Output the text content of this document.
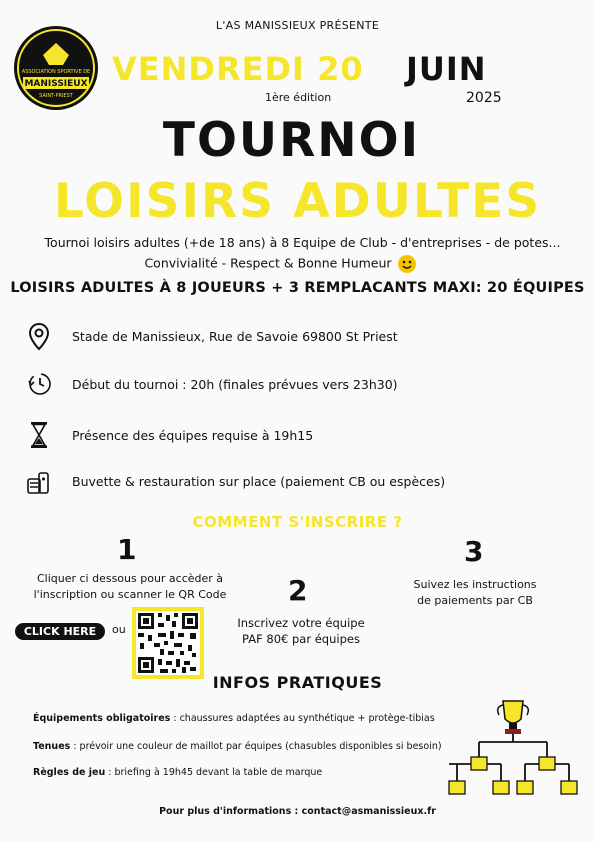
MANISSIEUX
ASSOCIATION SPORTIVE DE
SAINT-PRIEST
L'AS MANISSIEUX PRÉSENTE
VENDREDI 20 JUIN
1ère édition	2025
TOURNOI
LOISIRS ADULTES
Tournoi loisirs adultes (+de 18 ans) à 8 Equipe de Club - d'entreprises - de potes...
Convivialité - Respect & Bonne Humeur
LOISIRS ADULTES À 8 JOUEURS + 3 REMPLACANTS MAXI: 20 ÉQUIPES
Stade de Manissieux, Rue de Savoie 69800 St Priest
Début du tournoi : 20h (finales prévues vers 23h30)
Présence des équipes requise à 19h15
Buvette & restauration sur place (paiement CB ou espèces)
COMMENT S'INSCRIRE ?
1
Cliquer ci dessous pour accèder à
l'inscription ou scanner le QR Code	2
Inscrivez votre équipe
PAF 80€ par équipes
3
Suivez les instructions
de paiements par CB
CLICK HERE	ou
INFOS PRATIQUES
Équipements obligatoires : chaussures adaptées au synthétique + protège-tibias
Tenues : prévoir une couleur de maillot par équipes (chasubles disponibles si besoin)
Règles de jeu : briefing à 19h45 devant la table de marque
Pour plus d'informations : contact@asmanissieux.fr
